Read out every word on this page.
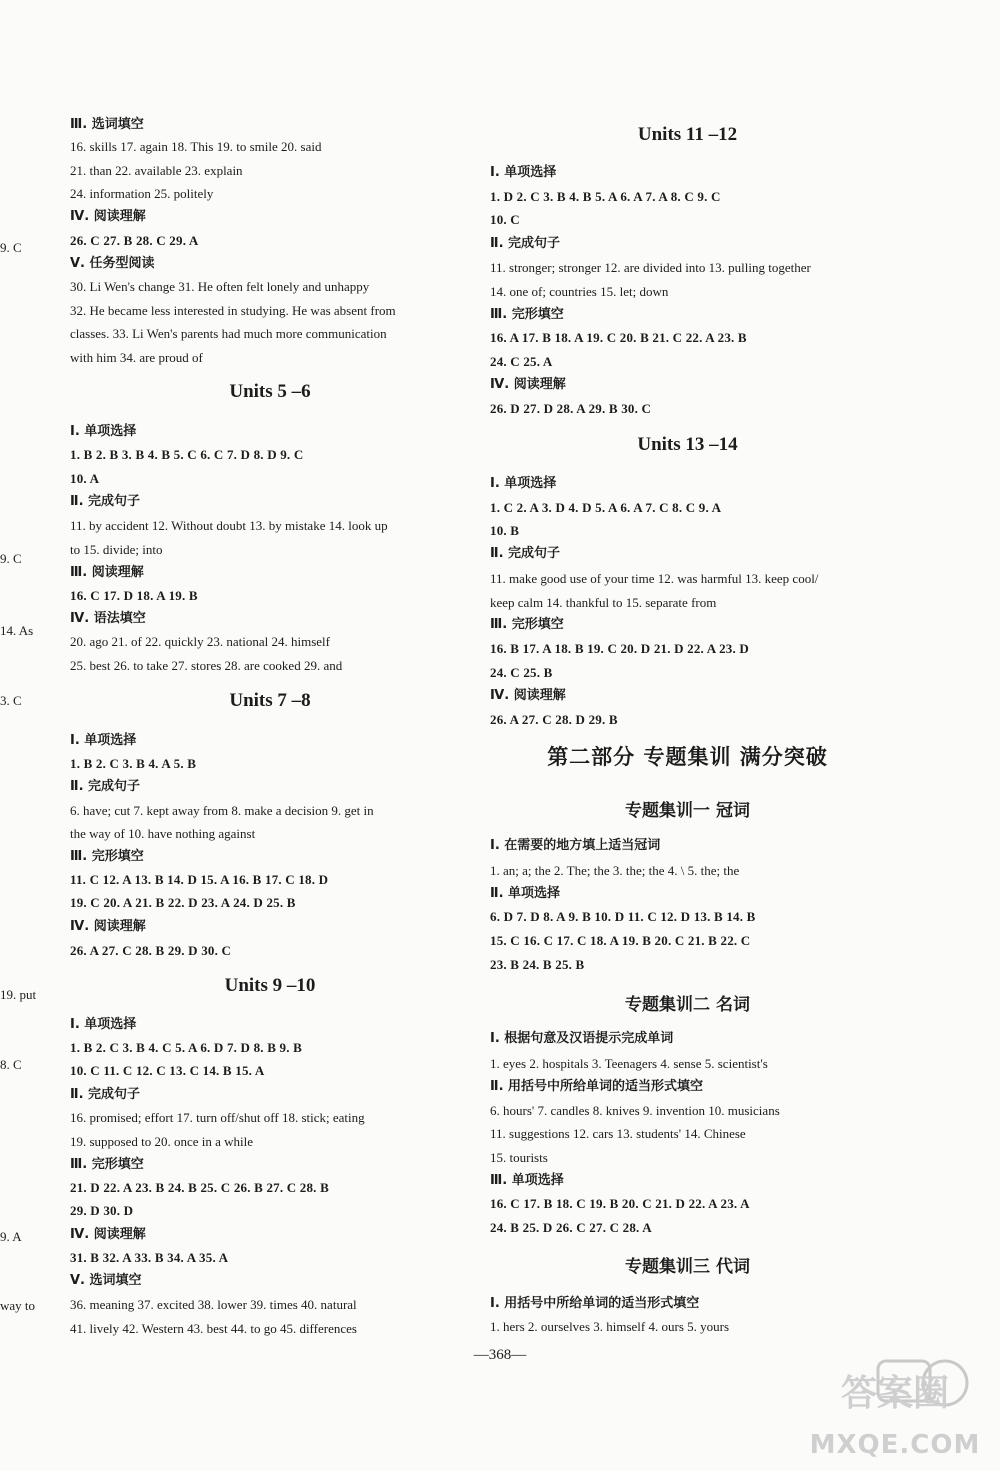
9. C
9. C
14. As
3. C
19. put
8. C
9. A
way to
Ⅲ. 选词填空
16. skills 17. again 18. This 19. to smile 20. said
21. than 22. available 23. explain
24. information 25. politely
Ⅳ. 阅读理解
26. C 27. B 28. C 29. A
Ⅴ. 任务型阅读
30. Li Wen's change 31. He often felt lonely and unhappy
32. He became less interested in studying. He was absent from
classes. 33. Li Wen's parents had much more communication
with him 34. are proud of
Units 5 –6
Ⅰ. 单项选择
1. B 2. B 3. B 4. B 5. C 6. C 7. D 8. D 9. C
10. A
Ⅱ. 完成句子
11. by accident 12. Without doubt 13. by mistake 14. look up
to 15. divide; into
Ⅲ. 阅读理解
16. C 17. D 18. A 19. B
Ⅳ. 语法填空
20. ago 21. of 22. quickly 23. national 24. himself
25. best 26. to take 27. stores 28. are cooked 29. and
Units 7 –8
Ⅰ. 单项选择
1. B 2. C 3. B 4. A 5. B
Ⅱ. 完成句子
6. have; cut 7. kept away from 8. make a decision 9. get in
the way of 10. have nothing against
Ⅲ. 完形填空
11. C 12. A 13. B 14. D 15. A 16. B 17. C 18. D
19. C 20. A 21. B 22. D 23. A 24. D 25. B
Ⅳ. 阅读理解
26. A 27. C 28. B 29. D 30. C
Units 9 –10
Ⅰ. 单项选择
1. B 2. C 3. B 4. C 5. A 6. D 7. D 8. B 9. B
10. C 11. C 12. C 13. C 14. B 15. A
Ⅱ. 完成句子
16. promised; effort 17. turn off/shut off 18. stick; eating
19. supposed to 20. once in a while
Ⅲ. 完形填空
21. D 22. A 23. B 24. B 25. C 26. B 27. C 28. B
29. D 30. D
Ⅳ. 阅读理解
31. B 32. A 33. B 34. A 35. A
Ⅴ. 选词填空
36. meaning 37. excited 38. lower 39. times 40. natural
41. lively 42. Western 43. best 44. to go 45. differences
Units 11 –12
Ⅰ. 单项选择
1. D 2. C 3. B 4. B 5. A 6. A 7. A 8. C 9. C
10. C
Ⅱ. 完成句子
11. stronger; stronger 12. are divided into 13. pulling together
14. one of; countries 15. let; down
Ⅲ. 完形填空
16. A 17. B 18. A 19. C 20. B 21. C 22. A 23. B
24. C 25. A
Ⅳ. 阅读理解
26. D 27. D 28. A 29. B 30. C
Units 13 –14
Ⅰ. 单项选择
1. C 2. A 3. D 4. D 5. A 6. A 7. C 8. C 9. A
10. B
Ⅱ. 完成句子
11. make good use of your time 12. was harmful 13. keep cool/
keep calm 14. thankful to 15. separate from
Ⅲ. 完形填空
16. B 17. A 18. B 19. C 20. D 21. D 22. A 23. D
24. C 25. B
Ⅳ. 阅读理解
26. A 27. C 28. D 29. B
第二部分 专题集训 满分突破
专题集训一 冠词
Ⅰ. 在需要的地方填上适当冠词
1. an; a; the 2. The; the 3. the; the 4. \ 5. the; the
Ⅱ. 单项选择
6. D 7. D 8. A 9. B 10. D 11. C 12. D 13. B 14. B
15. C 16. C 17. C 18. A 19. B 20. C 21. B 22. C
23. B 24. B 25. B
专题集训二 名词
Ⅰ. 根据句意及汉语提示完成单词
1. eyes 2. hospitals 3. Teenagers 4. sense 5. scientist's
Ⅱ. 用括号中所给单词的适当形式填空
6. hours' 7. candles 8. knives 9. invention 10. musicians
11. suggestions 12. cars 13. students' 14. Chinese
15. tourists
Ⅲ. 单项选择
16. C 17. B 18. C 19. B 20. C 21. D 22. A 23. A
24. B 25. D 26. C 27. C 28. A
专题集训三 代词
Ⅰ. 用括号中所给单词的适当形式填空
1. hers 2. ourselves 3. himself 4. ours 5. yours
—368—
答案圈
MXQE.COM
